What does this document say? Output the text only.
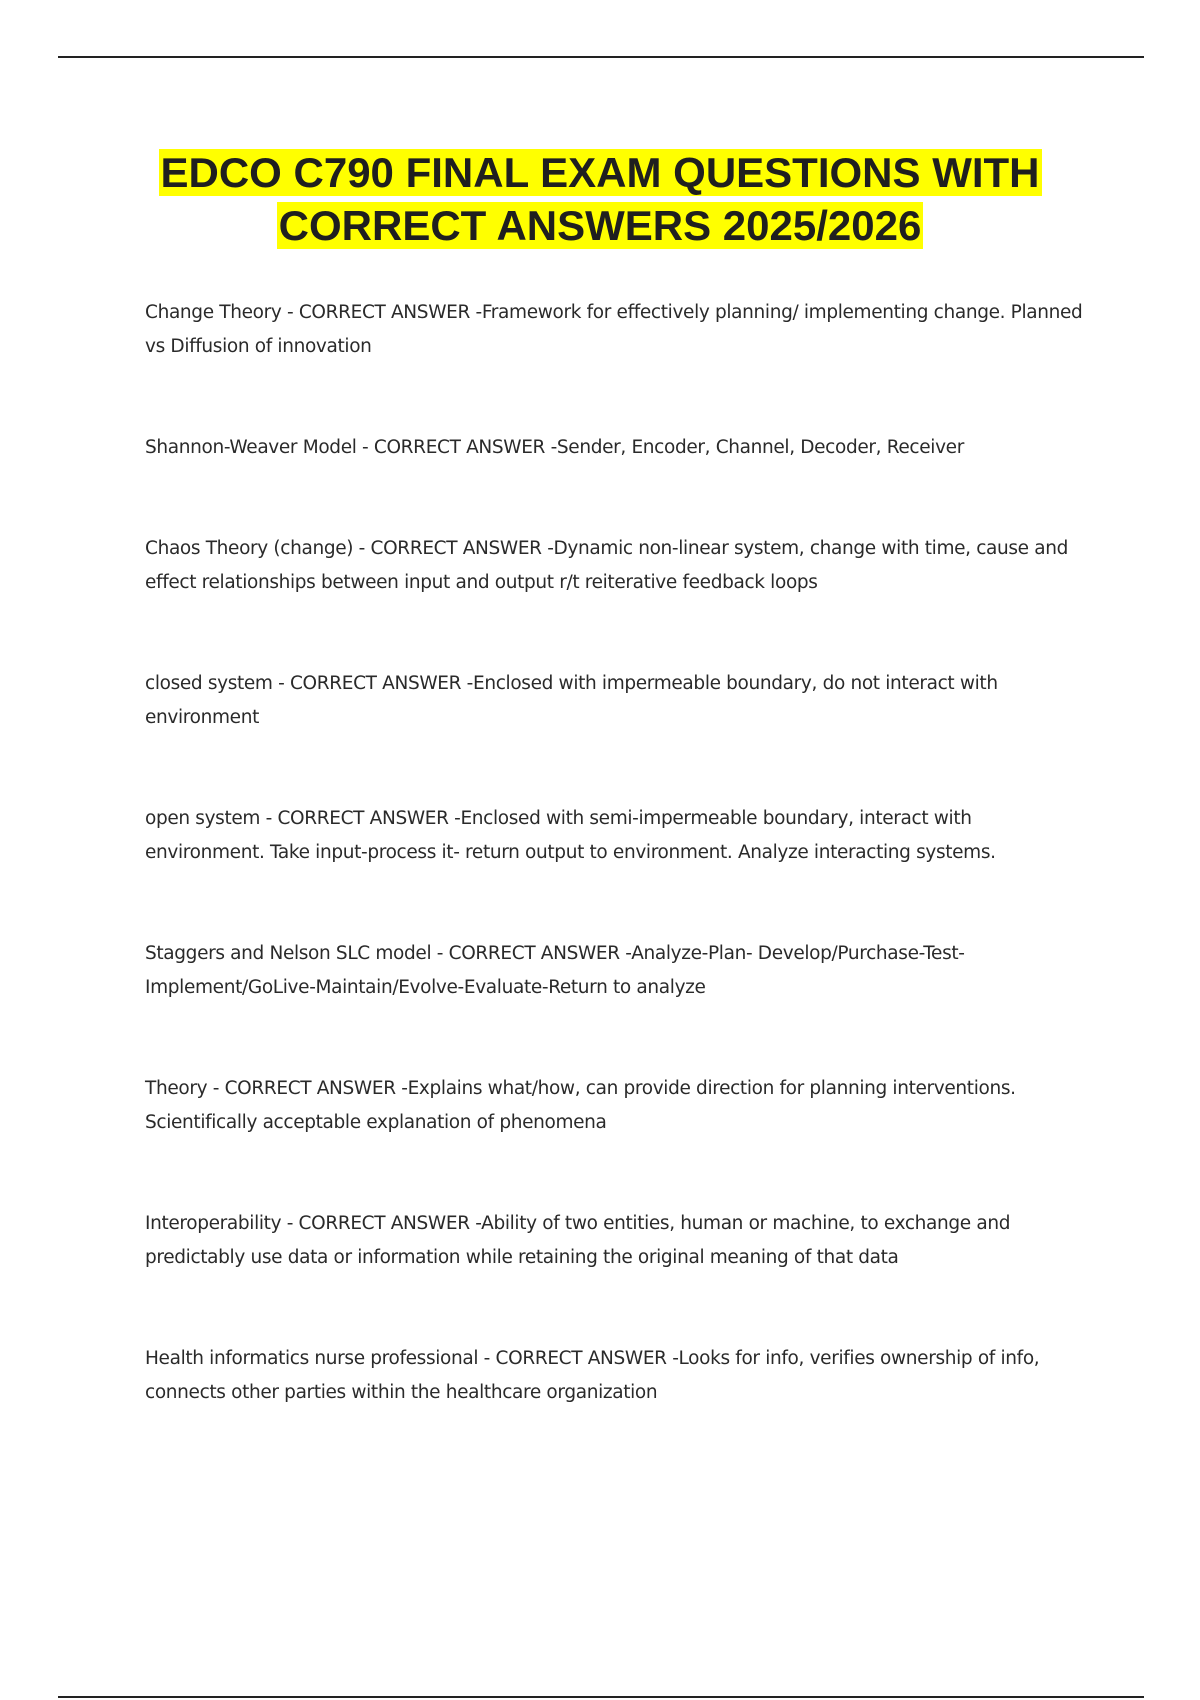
EDCO C790 FINAL EXAM QUESTIONS WITH
CORRECT ANSWERS 2025/2026
Change Theory - CORRECT ANSWER -Framework for effectively planning/ implementing change. Planned vs Diffusion of innovation
Shannon-Weaver Model - CORRECT ANSWER -Sender, Encoder, Channel, Decoder, Receiver
Chaos Theory (change) - CORRECT ANSWER -Dynamic non-linear system, change with time, cause and effect relationships between input and output r/t reiterative feedback loops
closed system - CORRECT ANSWER -Enclosed with impermeable boundary, do not interact with environment
open system - CORRECT ANSWER -Enclosed with semi-impermeable boundary, interact with environment. Take input-process it- return output to environment. Analyze interacting systems.
Staggers and Nelson SLC model - CORRECT ANSWER -Analyze-Plan- Develop/Purchase-Test-Implement/GoLive-Maintain/Evolve-Evaluate-Return to analyze
Theory - CORRECT ANSWER -Explains what/how, can provide direction for planning interventions. Scientifically acceptable explanation of phenomena
Interoperability - CORRECT ANSWER -Ability of two entities, human or machine, to exchange and predictably use data or information while retaining the original meaning of that data
Health informatics nurse professional - CORRECT ANSWER -Looks for info, verifies ownership of info, connects other parties within the healthcare organization
